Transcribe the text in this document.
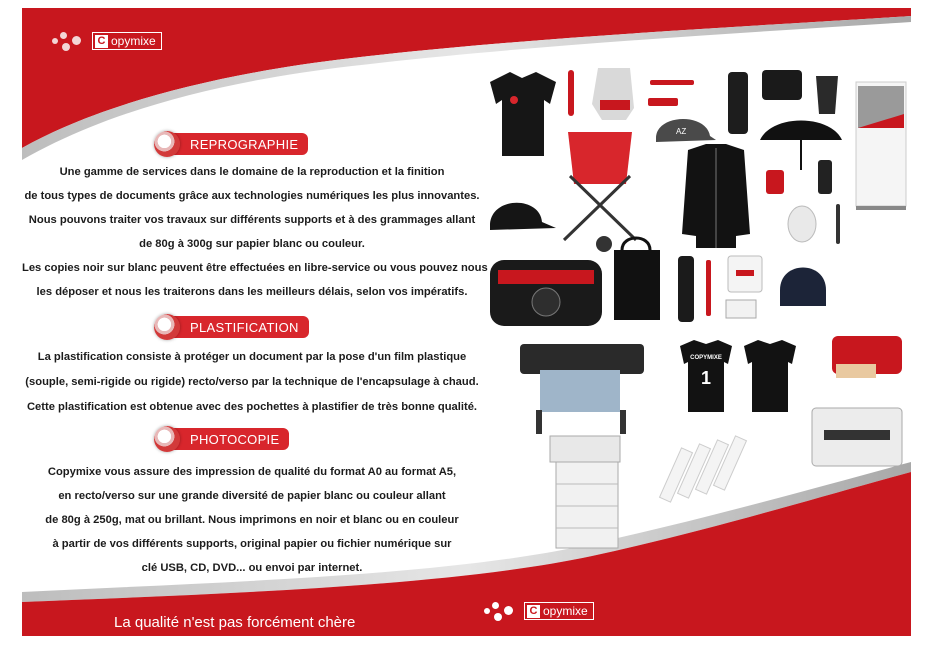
C opymixe
REPROGRAPHIE
Une gamme de services dans le domaine de la reproduction et la finition
de tous types de documents grâce aux technologies numériques les plus innovantes.
Nous pouvons traiter vos travaux sur différents supports et à des grammages allant
de 80g à 300g sur papier blanc ou couleur.
Les copies noir sur blanc peuvent être effectuées en libre-service ou vous pouvez nous
les déposer et nous les traiterons dans les meilleurs délais, selon vos impératifs.
PLASTIFICATION
La plastification consiste à protéger un document par la pose d'un film plastique
(souple, semi-rigide ou rigide) recto/verso par la technique de l'encapsulage à chaud.
Cette plastification est obtenue avec des pochettes à plastifier de très bonne qualité.
PHOTOCOPIE
Copymixe vous assure des impression de qualité du format A0 au format A5,
en recto/verso sur une grande diversité de papier blanc ou couleur allant
de 80g à 250g, mat ou brillant. Nous imprimons en noir et blanc ou en couleur
à partir de vos différents supports, original papier ou fichier numérique sur
clé USB, CD, DVD... ou envoi par internet.
AZ
COPYMIXE
1
La qualité n'est pas forcément chère
C opymixe
